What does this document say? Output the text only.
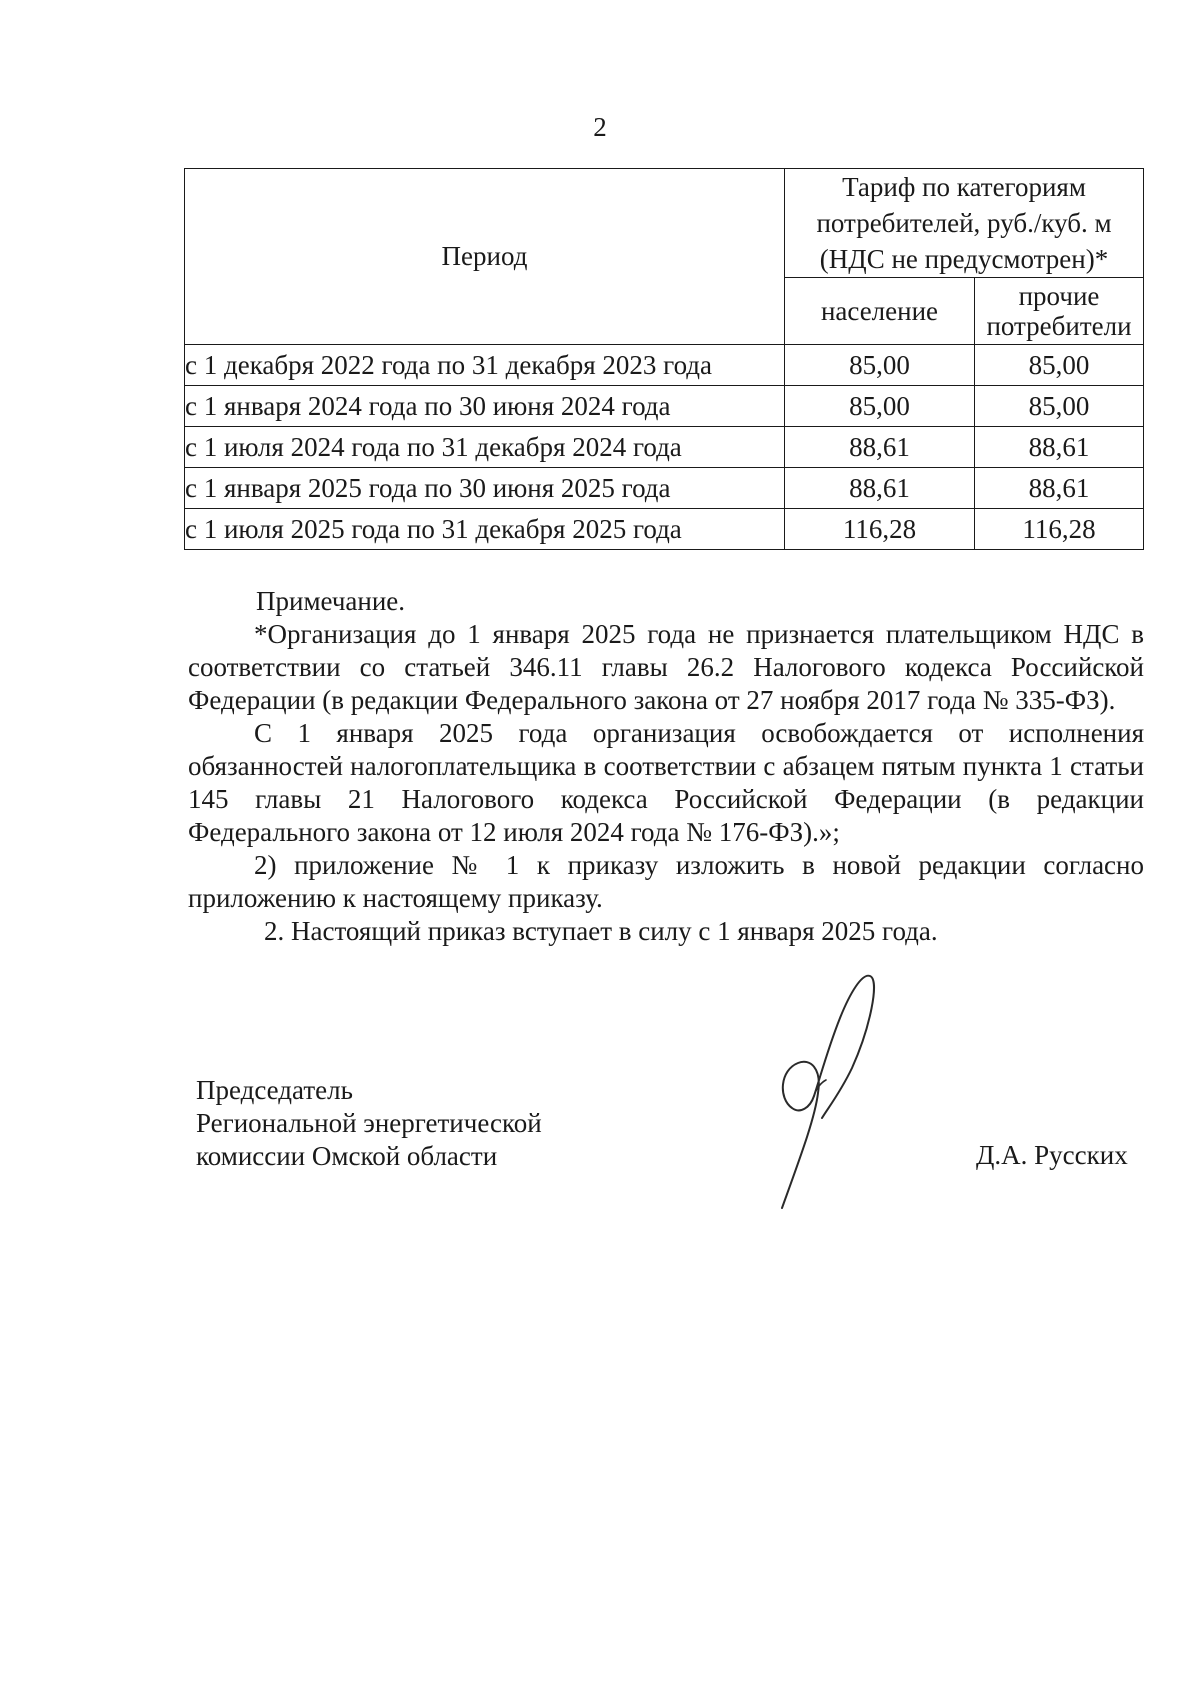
2
Период	Тариф по категориям
потребителей, руб./куб. м
(НДС не предусмотрен)*	

	население	прочие
потребители

с 1 декабря 2022 года по 31 декабря 2023 года	85,00	85,00
с 1 января 2024 года по 30 июня 2024 года	85,00	85,00
с 1 июля 2024 года по 31 декабря 2024 года	88,61	88,61
с 1 января 2025 года по 30 июня 2025 года	88,61	88,61
с 1 июля 2025 года по 31 декабря 2025 года	116,28	116,28

Примечание.

*Организация до 1 января 2025 года не признается плательщиком НДС в соответствии со статьей 346.11 главы 26.2 Налогового кодекса Российской Федерации (в редакции Федерального закона от 27 ноября 2017 года № 335-ФЗ).

С 1 января 2025 года организация освобождается от исполнения обязанностей налогоплательщика в соответствии с абзацем пятым пункта 1 статьи 145 главы 21 Налогового кодекса Российской Федерации (в редакции Федерального закона от 12 июля 2024 года № 176-ФЗ).»;

2) приложение № 1 к приказу изложить в новой редакции согласно приложению к настоящему приказу.

2. Настоящий приказ вступает в силу с 1 января 2025 года.

Председатель
Региональной энергетической
комиссии Омской области	Д.А. Русских
